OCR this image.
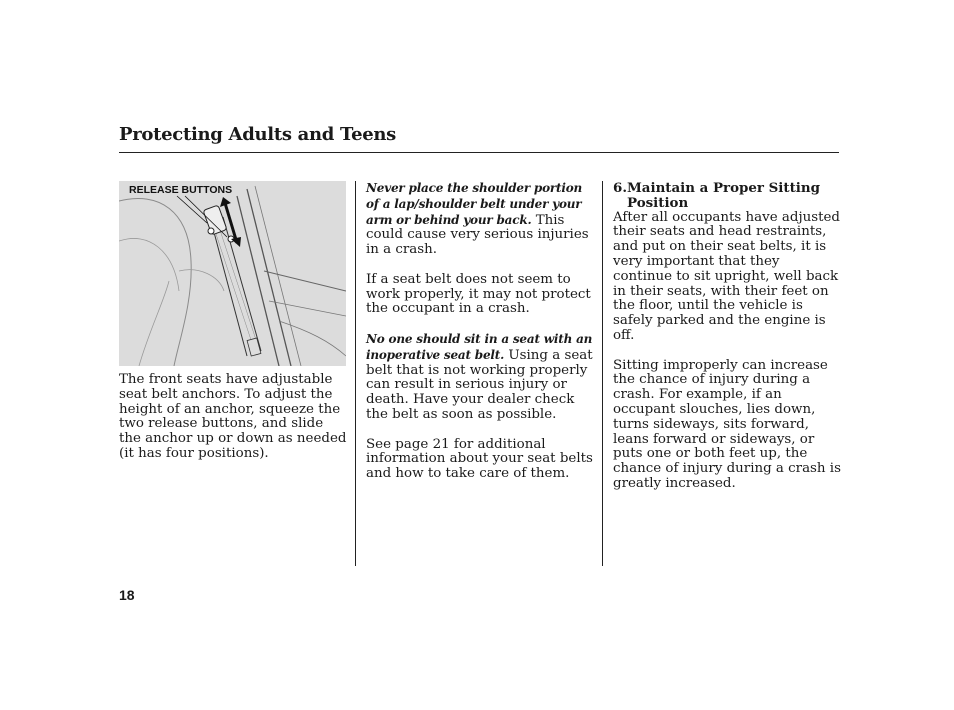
Protecting Adults and Teens
RELEASE BUTTONS

The front seats have adjustable seat belt anchors. To adjust the height of an anchor, squeeze the two release buttons, and slide the anchor up or down as needed (it has four positions).

Never place the shoulder portion of a lap/shoulder belt under your arm or behind your back. This could cause very serious injuries in a crash.

If a seat belt does not seem to work properly, it may not protect the occupant in a crash.

No one should sit in a seat with an inoperative seat belt. Using a seat belt that is not working properly can result in serious injury or death. Have your dealer check the belt as soon as possible.

See page 21 for additional information about your seat belts and how to take care of them.

6.Maintain a Proper Sitting
Position

After all occupants have adjusted their seats and head restraints, and put on their seat belts, it is very important that they continue to sit upright, well back in their seats, with their feet on the floor, until the vehicle is safely parked and the engine is off.

Sitting improperly can increase the chance of injury during a crash. For example, if an occupant slouches, lies down, turns sideways, sits forward, leans forward or sideways, or puts one or both feet up, the chance of injury during a crash is greatly increased.

18
